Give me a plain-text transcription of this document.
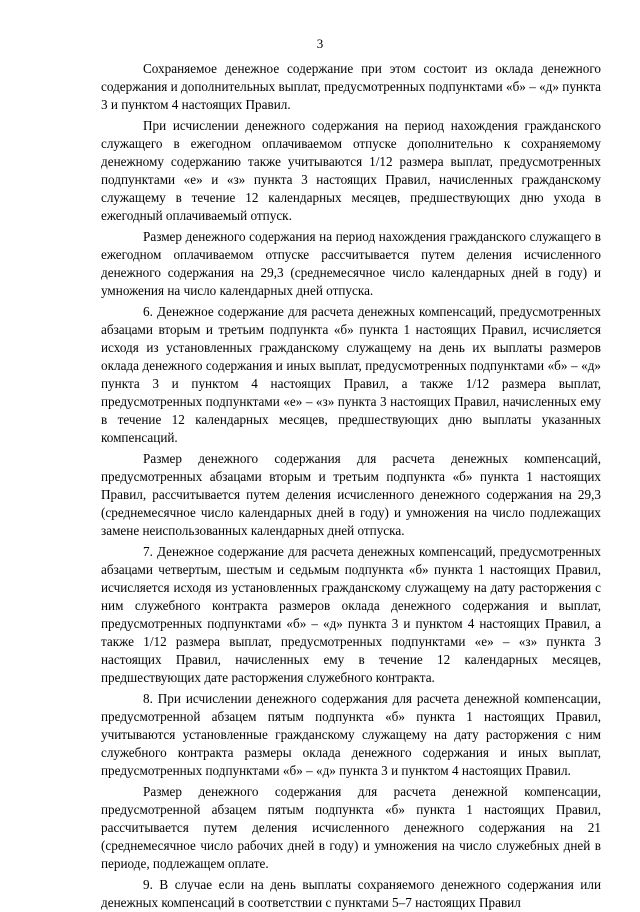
3

Сохраняемое денежное содержание при этом состоит из оклада денежного содержания и дополнительных выплат, предусмотренных подпунктами «б» – «д» пункта 3 и пунктом 4 настоящих Правил.

При исчислении денежного содержания на период нахождения гражданского служащего в ежегодном оплачиваемом отпуске дополнительно к сохраняемому денежному содержанию также учитываются 1/12 размера выплат, предусмотренных подпунктами «е» и «з» пункта 3 настоящих Правил, начисленных гражданскому служащему в течение 12 календарных месяцев, предшествующих дню ухода в ежегодный оплачиваемый отпуск.

Размер денежного содержания на период нахождения гражданского служащего в ежегодном оплачиваемом отпуске рассчитывается путем деления исчисленного денежного содержания на 29,3 (среднемесячное число календарных дней в году) и умножения на число календарных дней отпуска.

6. Денежное содержание для расчета денежных компенсаций, предусмотренных абзацами вторым и третьим подпункта «б» пункта 1 настоящих Правил, исчисляется исходя из установленных гражданскому служащему на день их выплаты размеров оклада денежного содержания и иных выплат, предусмотренных подпунктами «б» – «д» пункта 3 и пунктом 4 настоящих Правил, а также 1/12 размера выплат, предусмотренных подпунктами «е» – «з» пункта 3 настоящих Правил, начисленных ему в течение 12 календарных месяцев, предшествующих дню выплаты указанных компенсаций.

Размер денежного содержания для расчета денежных компенсаций, предусмотренных абзацами вторым и третьим подпункта «б» пункта 1 настоящих Правил, рассчитывается путем деления исчисленного денежного содержания на 29,3 (среднемесячное число календарных дней в году) и умножения на число подлежащих замене неиспользованных календарных дней отпуска.

7. Денежное содержание для расчета денежных компенсаций, предусмотренных абзацами четвертым, шестым и седьмым подпункта «б» пункта 1 настоящих Правил, исчисляется исходя из установленных гражданскому служащему на дату расторжения с ним служебного контракта размеров оклада денежного содержания и выплат, предусмотренных подпунктами «б» – «д» пункта 3 и пунктом 4 настоящих Правил, а также 1/12 размера выплат, предусмотренных подпунктами «е» – «з» пункта 3 настоящих Правил, начисленных ему в течение 12 календарных месяцев, предшествующих дате расторжения служебного контракта.

8. При исчислении денежного содержания для расчета денежной компенсации, предусмотренной абзацем пятым подпункта «б» пункта 1 настоящих Правил, учитываются установленные гражданскому служащему на дату расторжения с ним служебного контракта размеры оклада денежного содержания и иных выплат, предусмотренных подпунктами «б» – «д» пункта 3 и пунктом 4 настоящих Правил.

Размер денежного содержания для расчета денежной компенсации, предусмотренной абзацем пятым подпункта «б» пункта 1 настоящих Правил, рассчитывается путем деления исчисленного денежного содержания на 21 (среднемесячное число рабочих дней в году) и умножения на число служебных дней в периоде, подлежащем оплате.

9. В случае если на день выплаты сохраняемого денежного содержания или денежных компенсаций в соответствии с пунктами 5–7 настоящих Правил
